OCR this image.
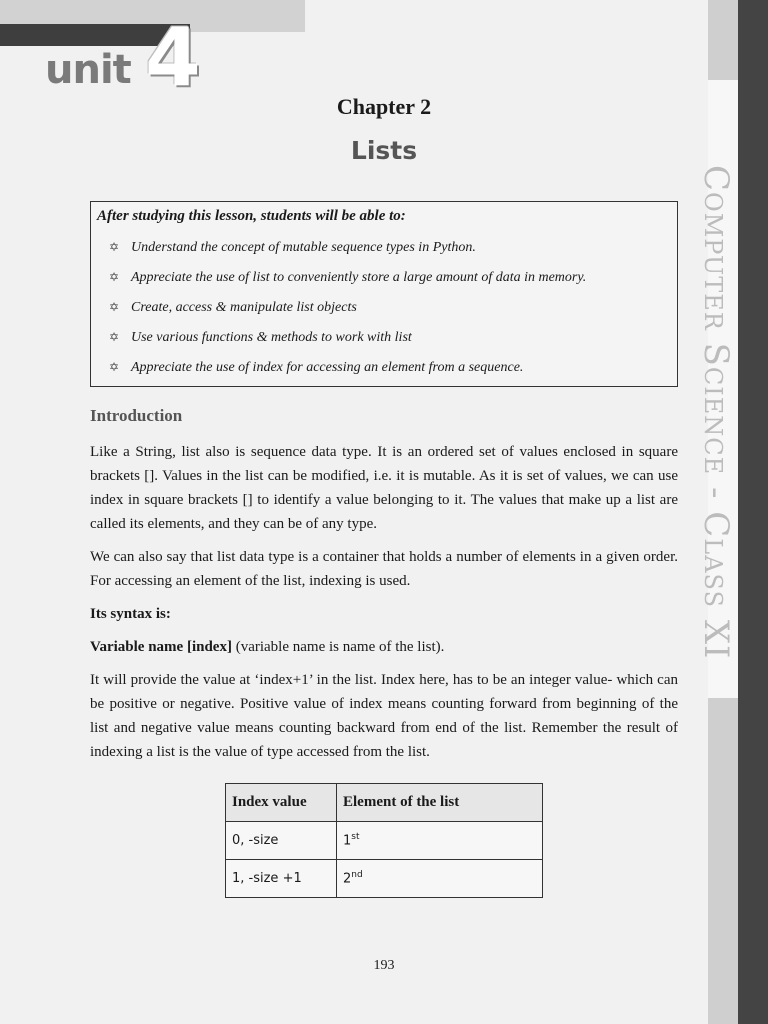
unit 4
Computer Science - Class XI
Chapter 2
Lists
After studying this lesson, students will be able to:
✡ Understand the concept of mutable sequence types in Python.
✡ Appreciate the use of list to conveniently store a large amount of data in memory.
✡ Create, access & manipulate list objects
✡ Use various functions & methods to work with list
✡ Appreciate the use of index for accessing an element from a sequence.
Introduction

Like a String, list also is sequence data type. It is an ordered set of values enclosed in square brackets []. Values in the list can be modified, i.e. it is mutable. As it is set of values, we can use index in square brackets [] to identify a value belonging to it. The values that make up a list are called its elements, and they can be of any type.

We can also say that list data type is a container that holds a number of elements in a given order. For accessing an element of the list, indexing is used.

Its syntax is:

Variable name [index] (variable name is name of the list).

It will provide the value at ‘index+1’ in the list. Index here, has to be an integer value- which can be positive or negative. Positive value of index means counting forward from beginning of the list and negative value means counting backward from end of the list. Remember the result of indexing a list is the value of type accessed from the list.

Index value	Element of the list
0, -size	1st
1, -size +1	2nd
193
